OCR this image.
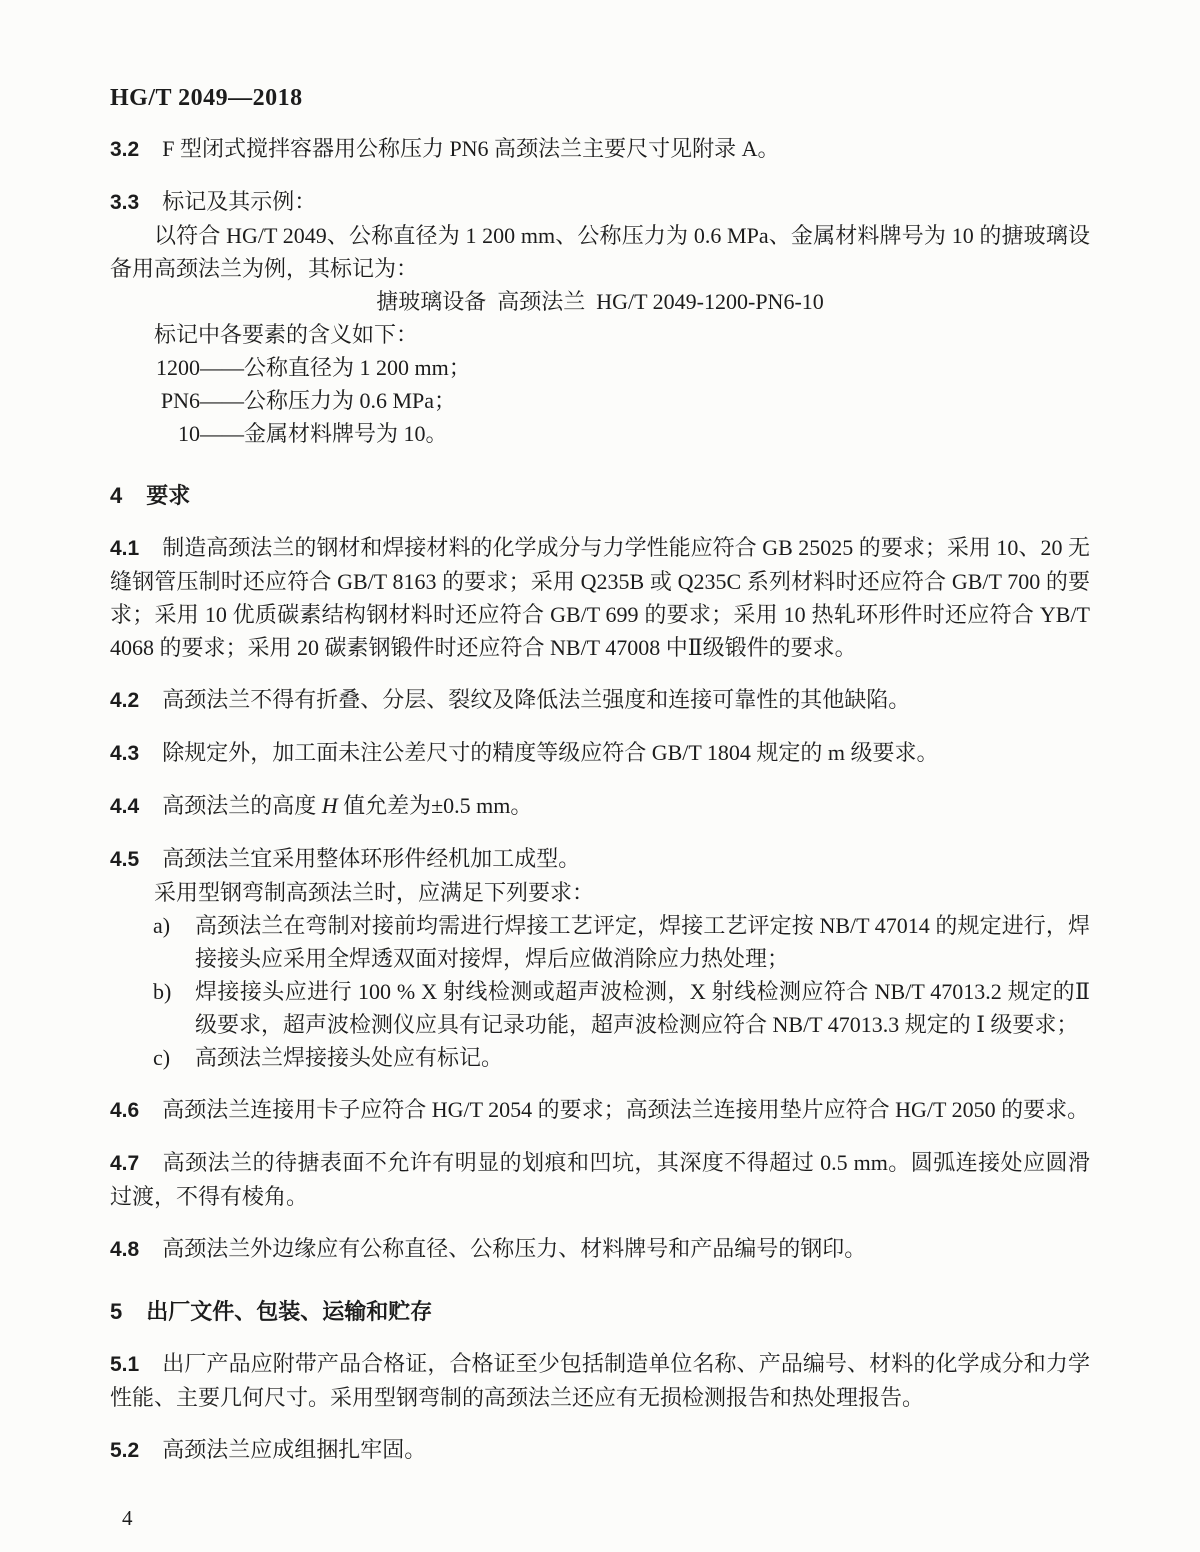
HG/T 2049—2018

3.2 F 型闭式搅拌容器用公称压力 PN6 高颈法兰主要尺寸见附录 A。

3.3 标记及其示例：

以符合 HG/T 2049、公称直径为 1 200 mm、公称压力为 0.6 MPa、金属材料牌号为 10 的搪玻璃设备用高颈法兰为例，其标记为：

搪玻璃设备  高颈法兰  HG/T 2049-1200-PN6-10

标记中各要素的含义如下：

1200——公称直径为 1 200 mm；

PN6——公称压力为 0.6 MPa；

10——金属材料牌号为 10。

4 要求

4.1 制造高颈法兰的钢材和焊接材料的化学成分与力学性能应符合 GB 25025 的要求；采用 10、20 无缝钢管压制时还应符合 GB/T 8163 的要求；采用 Q235B 或 Q235C 系列材料时还应符合 GB/T 700 的要求；采用 10 优质碳素结构钢材料时还应符合 GB/T 699 的要求；采用 10 热轧环形件时还应符合 YB/T 4068 的要求；采用 20 碳素钢锻件时还应符合 NB/T 47008 中Ⅱ级锻件的要求。

4.2 高颈法兰不得有折叠、分层、裂纹及降低法兰强度和连接可靠性的其他缺陷。

4.3 除规定外，加工面未注公差尺寸的精度等级应符合 GB/T 1804 规定的 m 级要求。

4.4 高颈法兰的高度 H 值允差为±0.5 mm。

4.5 高颈法兰宜采用整体环形件经机加工成型。

采用型钢弯制高颈法兰时，应满足下列要求：

a) 高颈法兰在弯制对接前均需进行焊接工艺评定，焊接工艺评定按 NB/T 47014 的规定进行，焊接接头应采用全焊透双面对接焊，焊后应做消除应力热处理；
b) 焊接接头应进行 100 % X 射线检测或超声波检测，X 射线检测应符合 NB/T 47013.2 规定的Ⅱ级要求，超声波检测仪应具有记录功能，超声波检测应符合 NB/T 47013.3 规定的 Ⅰ 级要求；
c) 高颈法兰焊接接头处应有标记。

4.6 高颈法兰连接用卡子应符合 HG/T 2054 的要求；高颈法兰连接用垫片应符合 HG/T 2050 的要求。

4.7 高颈法兰的待搪表面不允许有明显的划痕和凹坑，其深度不得超过 0.5 mm。圆弧连接处应圆滑过渡，不得有棱角。

4.8 高颈法兰外边缘应有公称直径、公称压力、材料牌号和产品编号的钢印。

5 出厂文件、包装、运输和贮存

5.1 出厂产品应附带产品合格证，合格证至少包括制造单位名称、产品编号、材料的化学成分和力学性能、主要几何尺寸。采用型钢弯制的高颈法兰还应有无损检测报告和热处理报告。

5.2 高颈法兰应成组捆扎牢固。

4
